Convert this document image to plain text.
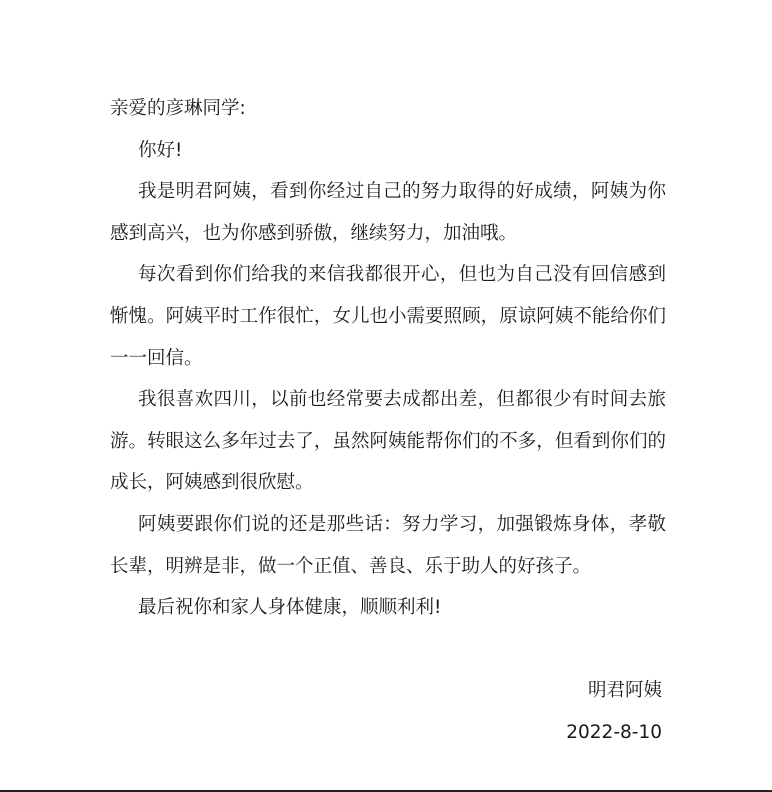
亲爱的彦琳同学:

你好!

我是明君阿姨，看到你经过自己的努力取得的好成绩，阿姨为你感到高兴，也为你感到骄傲，继续努力，加油哦。

每次看到你们给我的来信我都很开心，但也为自己没有回信感到惭愧。阿姨平时工作很忙，女儿也小需要照顾，原谅阿姨不能给你们一一回信。

我很喜欢四川，以前也经常要去成都出差，但都很少有时间去旅游。转眼这么多年过去了，虽然阿姨能帮你们的不多，但看到你们的成长，阿姨感到很欣慰。

阿姨要跟你们说的还是那些话：努力学习，加强锻炼身体，孝敬长辈，明辨是非，做一个正值、善良、乐于助人的好孩子。

最后祝你和家人身体健康，顺顺利利!

明君阿姨
2022-8-10
